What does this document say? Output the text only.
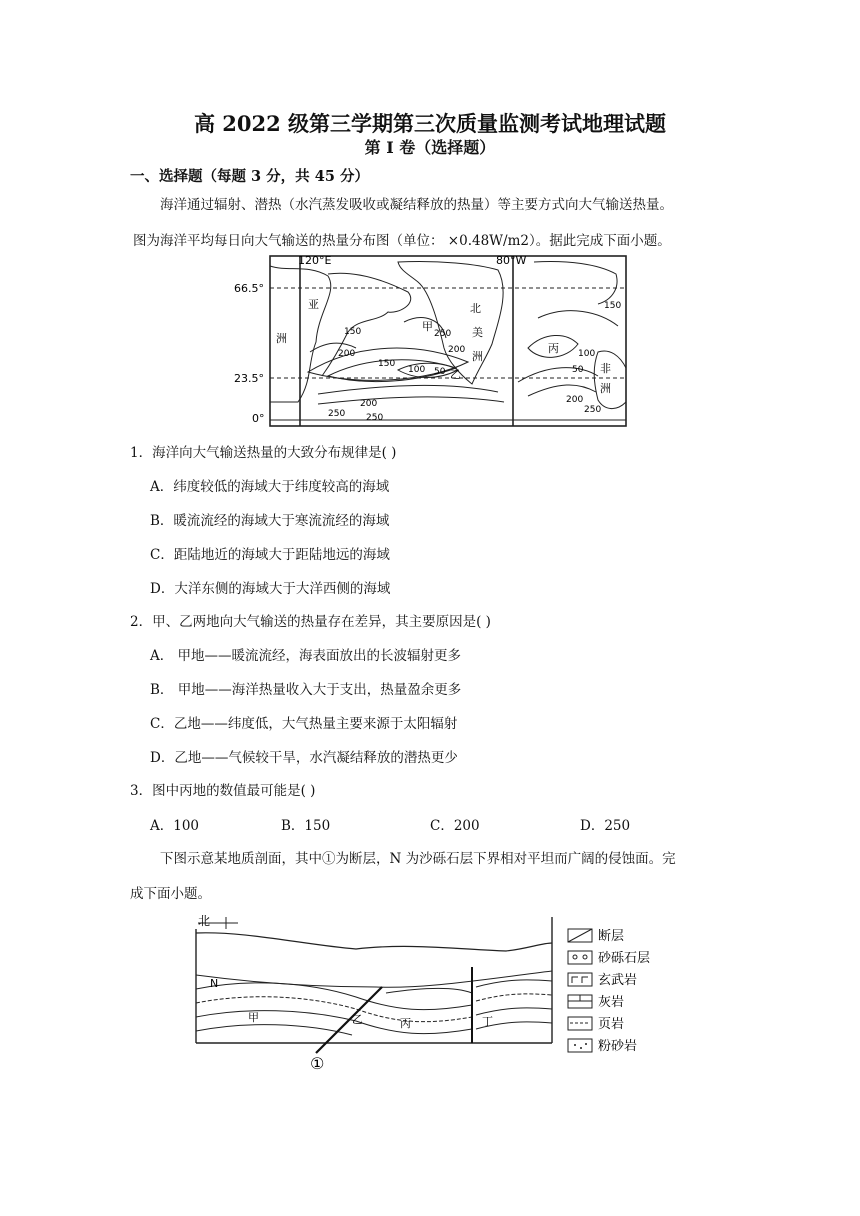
高 2022 级第三学期第三次质量监测考试地理试题
第 I 卷（选择题）
一、选择题（每题 3 分，共 45 分）
海洋通过辐射、潜热（水汽蒸发吸收或凝结释放的热量）等主要方式向大气输送热量。
图为海洋平均每日向大气输送的热量分布图（单位： ×0.48W/m2）。据此完成下面小题。
120°E	80°W
66.5°
23.5°
0°
亚
洲
北
美
洲
非
洲
甲
乙
丙
150	250
200
150
100 50
250
150
100
50
200	200
250
250
200
1．海洋向大气输送热量的大致分布规律是( )
A．纬度较低的海域大于纬度较高的海域
B．暖流流经的海域大于寒流流经的海域
C．距陆地近的海域大于距陆地远的海域
D．大洋东侧的海域大于大洋西侧的海域
2．甲、乙两地向大气输送的热量存在差异，其主要原因是( )
A． 甲地——暖流流经，海表面放出的长波辐射更多
B． 甲地——海洋热量收入大于支出，热量盈余更多
C．乙地——纬度低，大气热量主要来源于太阳辐射
D．乙地——气候较干旱，水汽凝结释放的潜热更少
3．图中丙地的数值最可能是( )
A．100	B．150	C．200	D．250
下图示意某地质剖面，其中①为断层，N 为沙砾石层下界相对平坦而广阔的侵蚀面。完
成下面小题。
北
N
甲	乙	丙	丁
①
断层
砂砾石层
玄武岩
灰岩
页岩
粉砂岩
